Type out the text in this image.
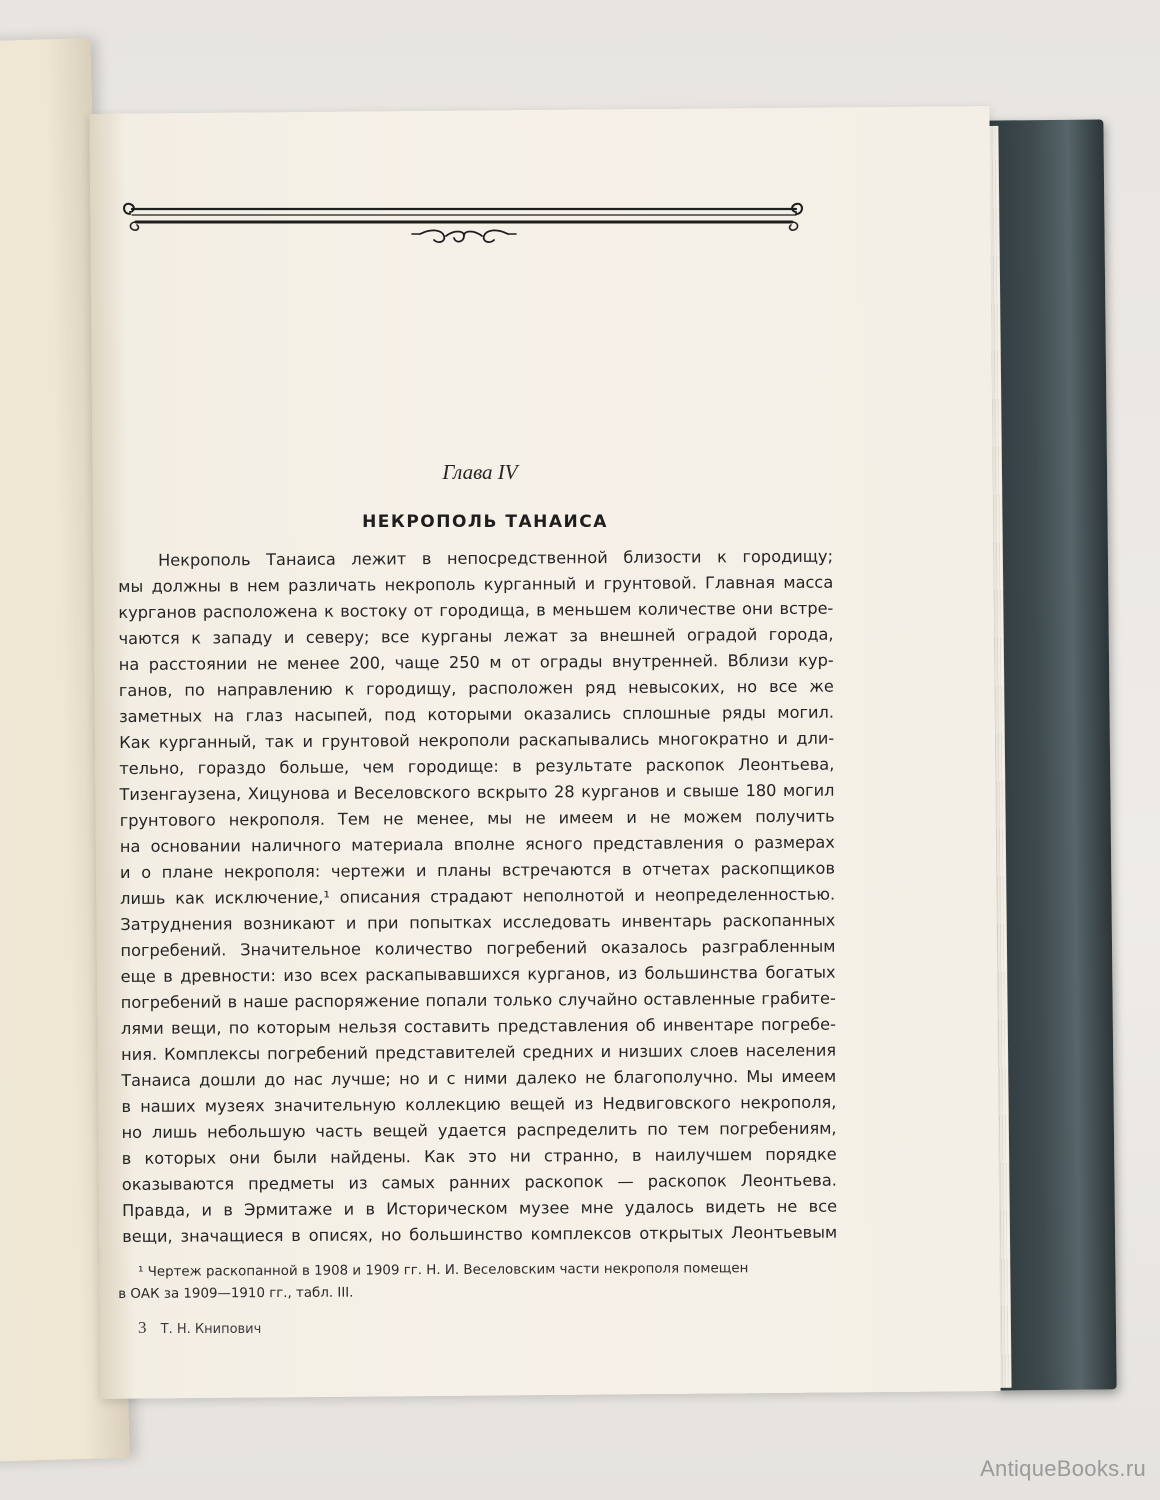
Глава IV
НЕКРОПОЛЬ ТАНАИСА
Некрополь Танаиса лежит в непосредственной близости к городищу;
мы должны в нем различать некрополь курганный и грунтовой. Главная масса
курганов расположена к востоку от городища, в меньшем количестве они встре-
чаются к западу и северу; все курганы лежат за внешней оградой города,
на расстоянии не менее 200, чаще 250 м от ограды внутренней. Вблизи кур-
ганов, по направлению к городищу, расположен ряд невысоких, но все же
заметных на глаз насыпей, под которыми оказались сплошные ряды могил.
Как курганный, так и грунтовой некрополи раскапывались многократно и дли-
тельно, гораздо больше, чем городище: в результате раскопок Леонтьева,
Тизенгаузена, Хицунова и Веселовского вскрыто 28 курганов и свыше 180 могил
грунтового некрополя. Тем не менее, мы не имеем и не можем получить
на основании наличного материала вполне ясного представления о размерах
и о плане некрополя: чертежи и планы встречаются в отчетах раскопщиков
лишь как исключение,¹ описания страдают неполнотой и неопределенностью.
Затруднения возникают и при попытках исследовать инвентарь раскопанных
погребений. Значительное количество погребений оказалось разграбленным
еще в древности: изо всех раскапывавшихся курганов, из большинства богатых
погребений в наше распоряжение попали только случайно оставленные грабите-
лями вещи, по которым нельзя составить представления об инвентаре погребе-
ния. Комплексы погребений представителей средних и низших слоев населения
Танаиса дошли до нас лучше; но и с ними далеко не благополучно. Мы имеем
в наших музеях значительную коллекцию вещей из Недвиговского некрополя,
но лишь небольшую часть вещей удается распределить по тем погребениям,
в которых они были найдены. Как это ни странно, в наилучшем порядке
оказываются предметы из самых ранних раскопок — раскопок Леонтьева.
Правда, и в Эрмитаже и в Историческом музее мне удалось видеть не все
вещи, значащиеся в описях, но большинство комплексов открытых Леонтьевым
¹ Чертеж раскопанной в 1908 и 1909 гг. Н. И. Веселовским части некрополя помещен
в ОАК за 1909—1910 гг., табл. III.
3 Т. Н. Книпович
AntiqueBooks.ru
